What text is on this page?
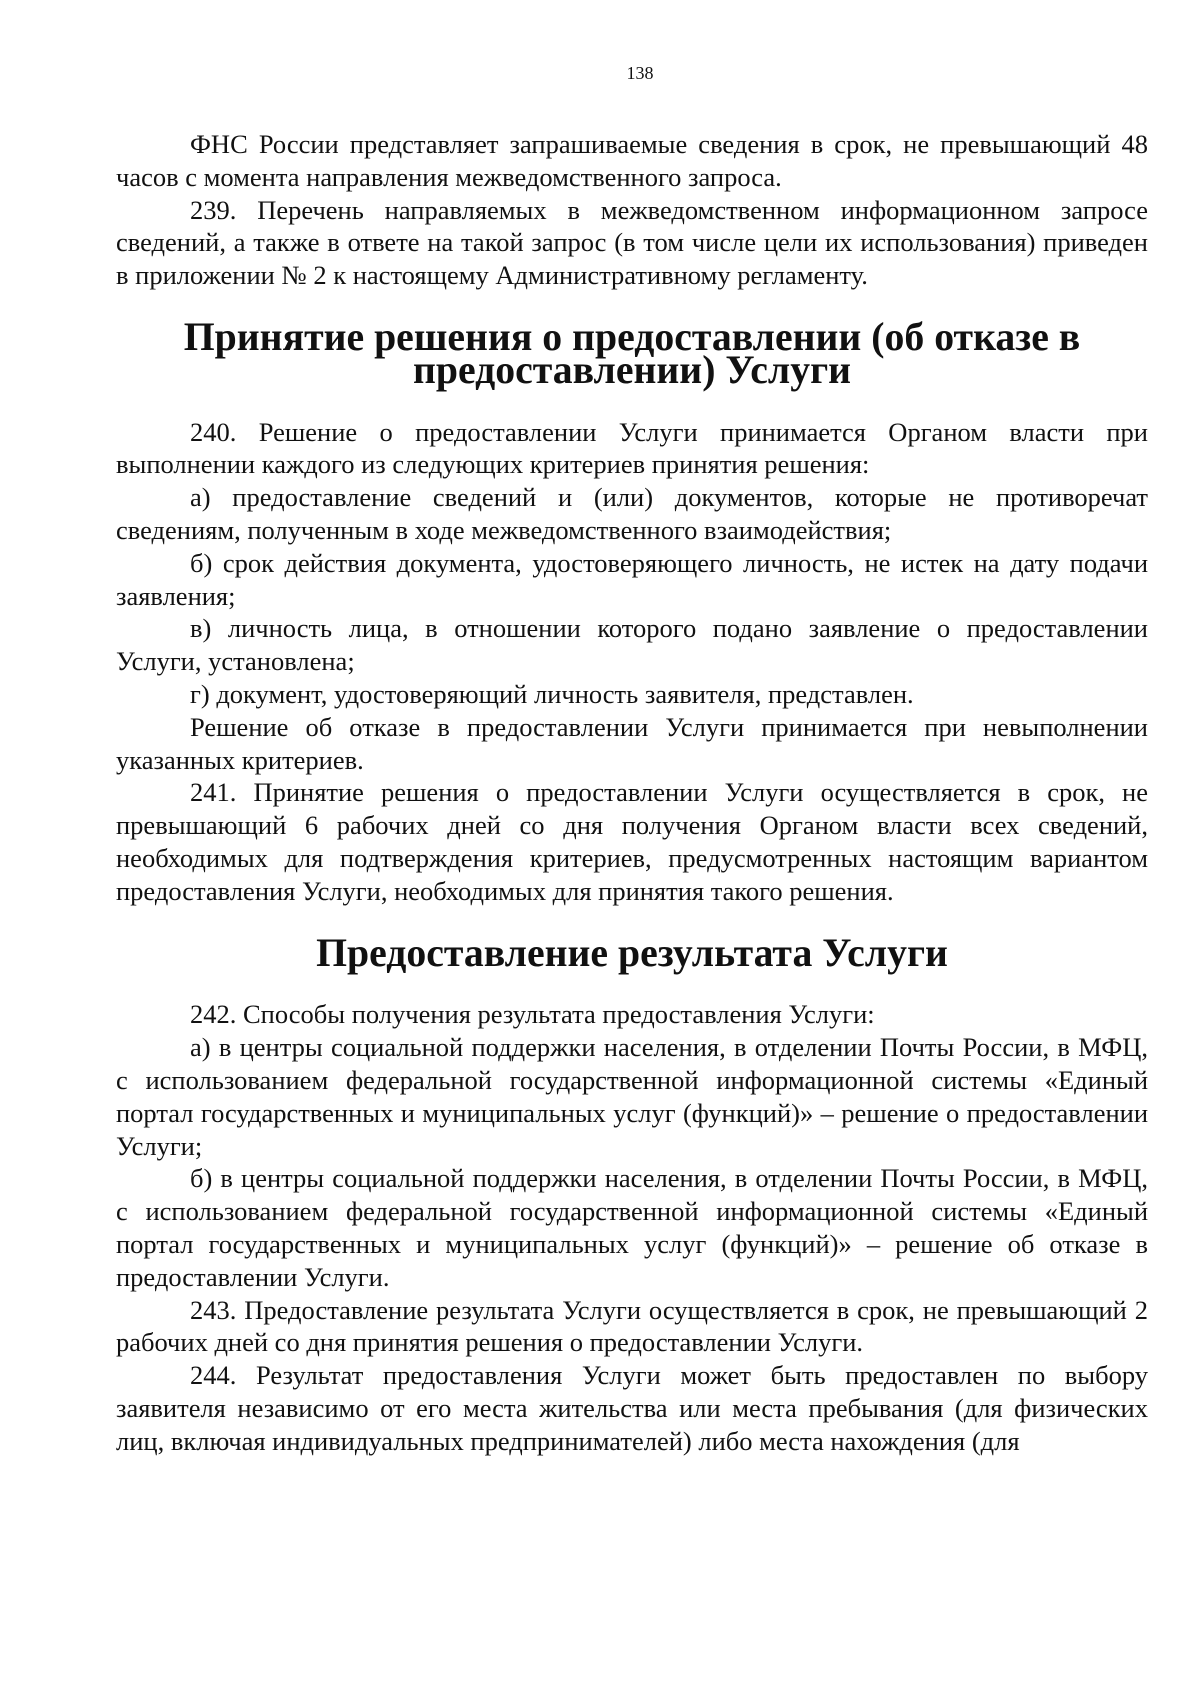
138

ФНС России представляет запрашиваемые сведения в срок, не превышающий 48 часов с момента направления межведомственного запроса.

239. Перечень направляемых в межведомственном информационном запросе сведений, а также в ответе на такой запрос (в том числе цели их использования) приведен в приложении № 2 к настоящему Административному регламенту.

Принятие решения о предоставлении (об отказе в предоставлении) Услуги

240. Решение о предоставлении Услуги принимается Органом власти при выполнении каждого из следующих критериев принятия решения:

а) предоставление сведений и (или) документов, которые не противоречат сведениям, полученным в ходе межведомственного взаимодействия;

б) срок действия документа, удостоверяющего личность, не истек на дату подачи заявления;

в) личность лица, в отношении которого подано заявление о предоставлении Услуги, установлена;

г) документ, удостоверяющий личность заявителя, представлен.

Решение об отказе в предоставлении Услуги принимается при невыполнении указанных критериев.

241. Принятие решения о предоставлении Услуги осуществляется в срок, не превышающий 6 рабочих дней со дня получения Органом власти всех сведений, необходимых для подтверждения критериев, предусмотренных настоящим вариантом предоставления Услуги, необходимых для принятия такого решения.

Предоставление результата Услуги

242. Способы получения результата предоставления Услуги:

а) в центры социальной поддержки населения, в отделении Почты России, в МФЦ, с использованием федеральной государственной информационной системы «Единый портал государственных и муниципальных услуг (функций)» – решение о предоставлении Услуги;

б) в центры социальной поддержки населения, в отделении Почты России, в МФЦ, с использованием федеральной государственной информационной системы «Единый портал государственных и муниципальных услуг (функций)» – решение об отказе в предоставлении Услуги.

243. Предоставление результата Услуги осуществляется в срок, не превышающий 2 рабочих дней со дня принятия решения о предоставлении Услуги.

244. Результат предоставления Услуги может быть предоставлен по выбору заявителя независимо от его места жительства или места пребывания (для физических лиц, включая индивидуальных предпринимателей) либо места нахождения (для
